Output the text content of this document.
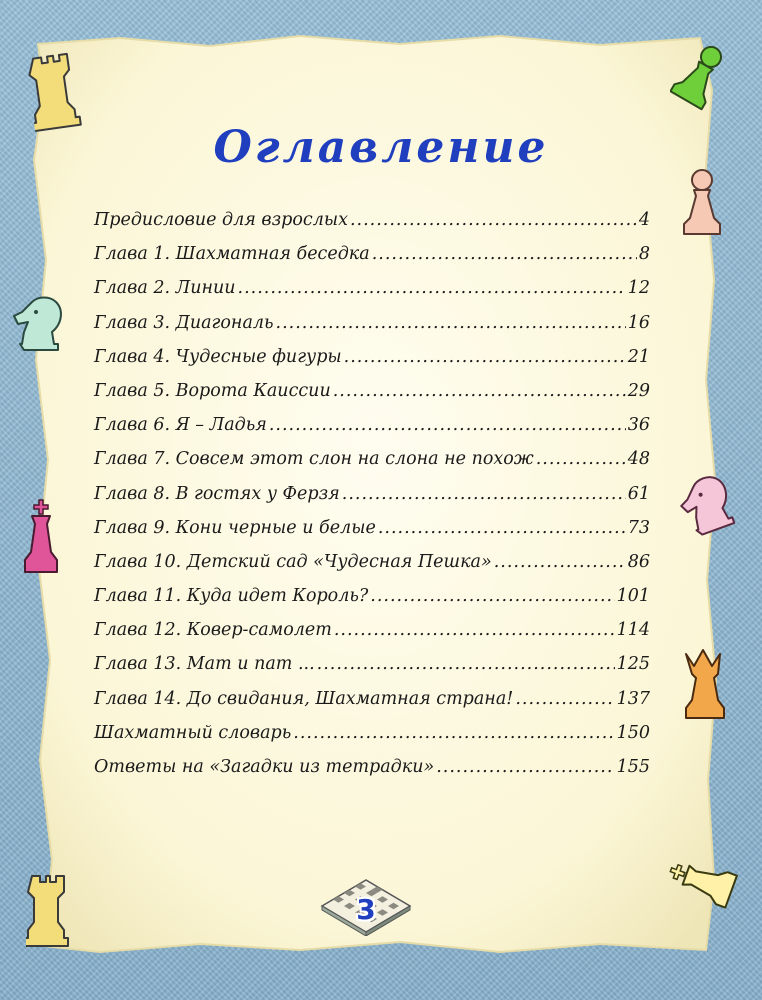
Оглавление
Предисловие для взрослых .....	4
Глава 1. Шахматная беседка .....	8
Глава 2. Линии .....	12
Глава 3. Диагональ .....	16
Глава 4. Чудесные фигуры .....	21
Глава 5. Ворота Каиссии .....	29
Глава 6. Я – Ладья .....	36
Глава 7. Совсем этот слон на слона не похож .....	48
Глава 8. В гостях у Ферзя .....	61
Глава 9. Кони черные и белые .....	73
Глава 10. Детский сад «Чудесная Пешка» .....	86
Глава 11. Куда идет Король? .....	101
Глава 12. Ковер-самолет .....	114
Глава 13. Мат и пат ... .....	125
Глава 14. До свидания, Шахматная страна! .....	137
Шахматный словарь .....	150
Ответы на «Загадки из тетрадки» .....	155
3
